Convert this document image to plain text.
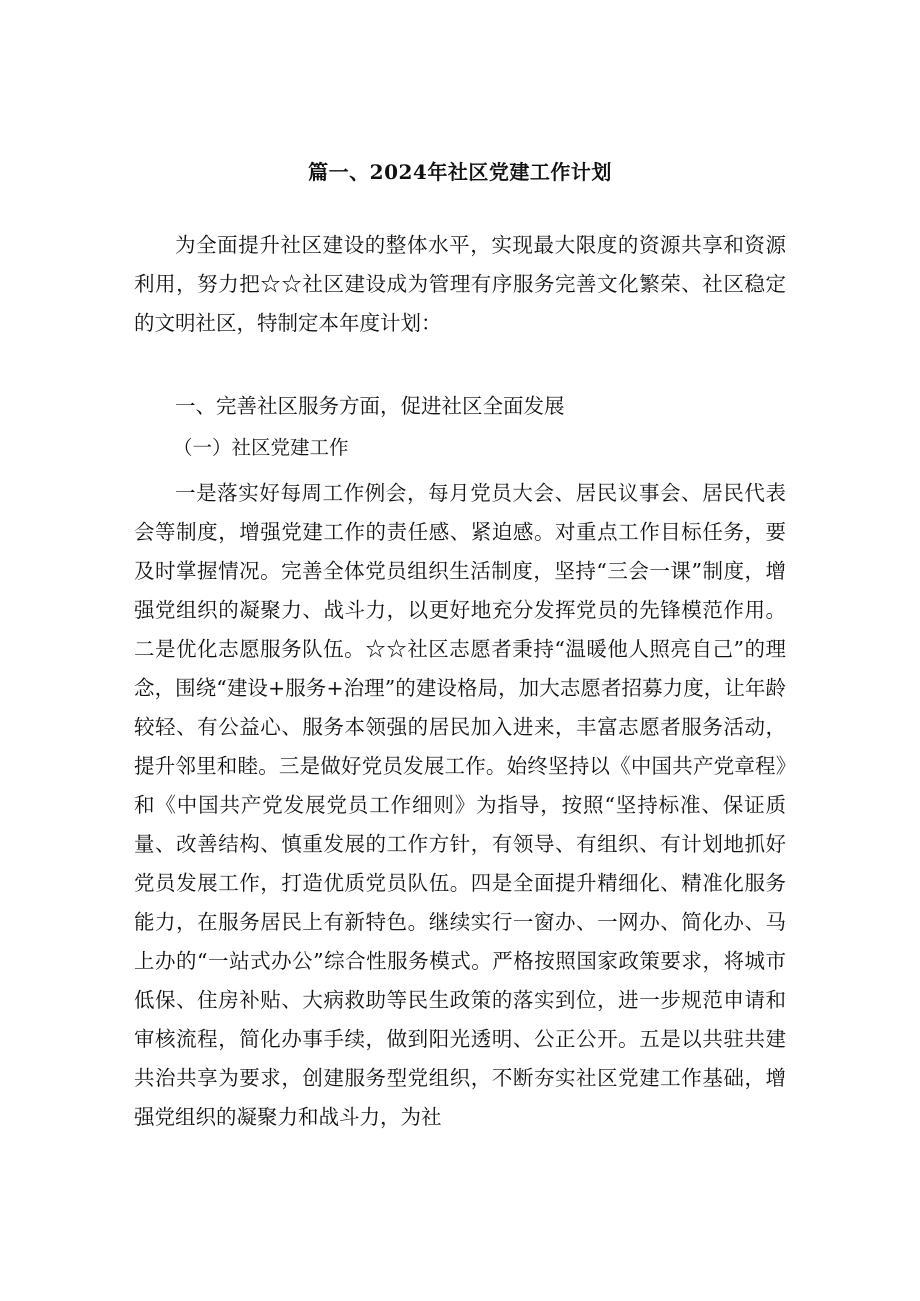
篇一、2024年社区党建工作计划

为全面提升社区建设的整体水平，实现最大限度的资源共享和资源利用，努力把☆☆社区建设成为管理有序服务完善文化繁荣、社区稳定的文明社区，特制定本年度计划：

一、完善社区服务方面，促进社区全面发展
（一）社区党建工作

一是落实好每周工作例会，每月党员大会、居民议事会、居民代表会等制度，增强党建工作的责任感、紧迫感。对重点工作目标任务，要及时掌握情况。完善全体党员组织生活制度，坚持“三会一课”制度，增强党组织的凝聚力、战斗力，以更好地充分发挥党员的先锋模范作用。二是优化志愿服务队伍。☆☆社区志愿者秉持“温暖他人照亮自己”的理念，围绕“建设+服务+治理”的建设格局，加大志愿者招募力度，让年龄较轻、有公益心、服务本领强的居民加入进来，丰富志愿者服务活动，提升邻里和睦。三是做好党员发展工作。始终坚持以《中国共产党章程》和《中国共产党发展党员工作细则》为指导，按照“坚持标准、保证质量、改善结构、慎重发展的工作方针，有领导、有组织、有计划地抓好党员发展工作，打造优质党员队伍。四是全面提升精细化、精准化服务能力，在服务居民上有新特色。继续实行一窗办、一网办、简化办、马上办的“一站式办公”综合性服务模式。严格按照国家政策要求，将城市低保、住房补贴、大病救助等民生政策的落实到位，进一步规范申请和审核流程，简化办事手续，做到阳光透明、公正公开。五是以共驻共建共治共享为要求，创建服务型党组织，不断夯实社区党建工作基础，增强党组织的凝聚力和战斗力，为社
